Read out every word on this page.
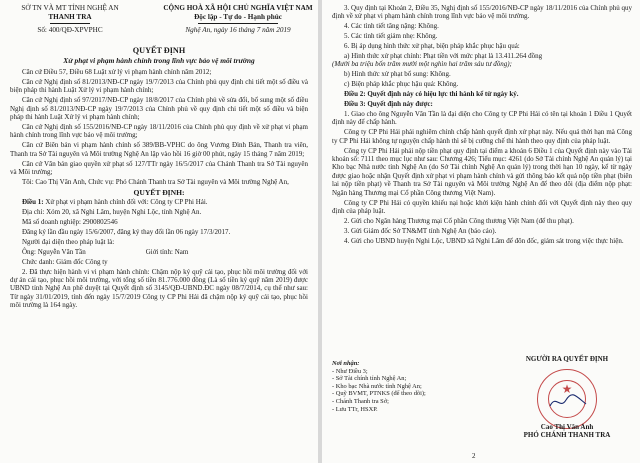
SỞ TN VÀ MT TỈNH NGHỆ AN
THANH TRA
Số: 400/QĐ-XPVPHC
CỘNG HOÀ XÃ HỘI CHỦ NGHĨA VIỆT NAM
Độc lập - Tự do - Hạnh phúc
Nghệ An, ngày 16 tháng 7 năm 2019
QUYẾT ĐỊNH
Xử phạt vi phạm hành chính trong lĩnh vực bảo vệ môi trường

Căn cứ Điều 57, Điều 68 Luật xử lý vi phạm hành chính năm 2012;

Căn cứ Nghị định số 81/2013/NĐ-CP ngày 19/7/2013 của Chính phủ quy định chi tiết một số điều và biện pháp thi hành Luật Xử lý vi phạm hành chính;

Căn cứ Nghị định số 97/2017/NĐ-CP ngày 18/8/2017 của Chính phủ về sửa đổi, bổ sung một số điều Nghị định số 81/2013/NĐ-CP ngày 19/7/2013 của Chính phủ về quy định chi tiết một số điều và biện pháp thi hành Luật Xử lý vi phạm hành chính;

Căn cứ Nghị định số 155/2016/NĐ-CP ngày 18/11/2016 của Chính phủ quy định về xử phạt vi phạm hành chính trong lĩnh vực bảo vệ môi trường;

Căn cứ Biên bản vi phạm hành chính số 389/BB-VPHC do ông Vương Đình Bản, Thanh tra viên, Thanh tra Sở Tài nguyên và Môi trường Nghệ An lập vào hồi 16 giờ 00 phút, ngày 15 tháng 7 năm 2019;

Căn cứ Văn bản giao quyền xử phạt số 127/TTr ngày 16/5/2017 của Chánh Thanh tra Sở Tài nguyên và Môi trường;

Tôi: Cao Thị Vân Anh, Chức vụ: Phó Chánh Thanh tra Sở Tài nguyên và Môi trường Nghệ An,

QUYẾT ĐỊNH:

Điều 1: Xử phạt vi phạm hành chính đối với: Công ty CP Phi Hải.

Địa chỉ: Xóm 20, xã Nghi Lâm, huyện Nghi Lộc, tỉnh Nghệ An.

Mã số doanh nghiệp: 2900802546

Đăng ký lần đầu ngày 15/6/2007, đăng ký thay đổi lần 06 ngày 17/3/2017.

Người đại diện theo pháp luật là:

Ông: Nguyễn Văn Tần	Giới tính: Nam

Chức danh: Giám đốc Công ty

2. Đã thực hiện hành vi vi phạm hành chính: Chậm nộp ký quỹ cải tạo, phục hồi môi trường đối với dự án cải tạo, phục hồi môi trường, với tổng số tiền 81.776.000 đồng (Là số tiền ký quỹ năm 2019) được UBND tỉnh Nghệ An phê duyệt tại Quyết định số 3145/QĐ-UBND.ĐC ngày 08/7/2014, cụ thể như sau: Từ ngày 31/01/2019, tính đến ngày 15/7/2019 Công ty CP Phi Hải đã chậm nộp ký quỹ cải tạo, phục hồi môi trường là 164 ngày.

3. Quy định tại Khoản 2, Điều 35, Nghị định số 155/2016/NĐ-CP ngày 18/11/2016 của Chính phủ quy định về xử phạt vi phạm hành chính trong lĩnh vực bảo vệ môi trường.

4. Các tình tiết tăng nặng: Không.

5. Các tình tiết giảm nhẹ: Không.

6. Bị áp dụng hình thức xử phạt, biện pháp khắc phục hậu quả:

a) Hình thức xử phạt chính: Phạt tiền với mức phạt là 13.411.264 đồng

(Mười ba triệu bốn trăm mười một nghìn hai trăm sáu tư đồng);

b) Hình thức xử phạt bổ sung: Không.

c) Biện pháp khắc phục hậu quả: Không.

Điều 2: Quyết định này có hiệu lực thi hành kể từ ngày ký.

Điều 3: Quyết định này được:

1. Giao cho ông Nguyễn Văn Tần là đại diện cho Công ty CP Phi Hải có tên tại khoản 1 Điều 1 Quyết định này để chấp hành.

Công ty CP Phi Hải phải nghiêm chỉnh chấp hành quyết định xử phạt này. Nếu quá thời hạn mà Công ty CP Phi Hải không tự nguyện chấp hành thì sẽ bị cưỡng chế thi hành theo quy định của pháp luật.

Công ty CP Phi Hải phải nộp tiền phạt quy định tại điểm a khoản 6 Điều 1 của Quyết định này vào Tài khoản số: 7111 theo mục lục như sau: Chương 426; Tiểu mục: 4261 (do Sở Tài chính Nghệ An quản lý) tại Kho bạc Nhà nước tỉnh Nghệ An (do Sở Tài chính Nghệ An quản lý) trong thời hạn 10 ngày, kể từ ngày được giao hoặc nhận Quyết định xử phạt vi phạm hành chính và gửi thông báo kết quả nộp tiền phạt (biên lai nộp tiền phạt) về Thanh tra Sở Tài nguyên và Môi trường Nghệ An để theo dõi (địa điểm nộp phạt: Ngân hàng Thương mại Cổ phần Công thương Việt Nam).

Công ty CP Phi Hải có quyền khiếu nại hoặc khởi kiện hành chính đối với Quyết định này theo quy định của pháp luật.

2. Gửi cho Ngân hàng Thương mại Cổ phần Công thương Việt Nam (để thu phạt).

3. Gửi Giám đốc Sở TN&MT tỉnh Nghệ An (báo cáo).

4. Gửi cho UBND huyện Nghi Lộc, UBND xã Nghi Lâm để đôn đốc, giám sát trong việc thực hiện.

Nơi nhận:

- Như Điều 3;

- Sở Tài chính tỉnh Nghệ An;

- Kho bạc Nhà nước tỉnh Nghệ An;

- Quỹ BVMT, PTNKS (để theo dõi);

- Chánh Thanh tra Sở;

- Lưu TTr, HSXP.

NGƯỜI RA QUYẾT ĐỊNH
★
Cao Thị Vân Anh
PHÓ CHÁNH THANH TRA
2
